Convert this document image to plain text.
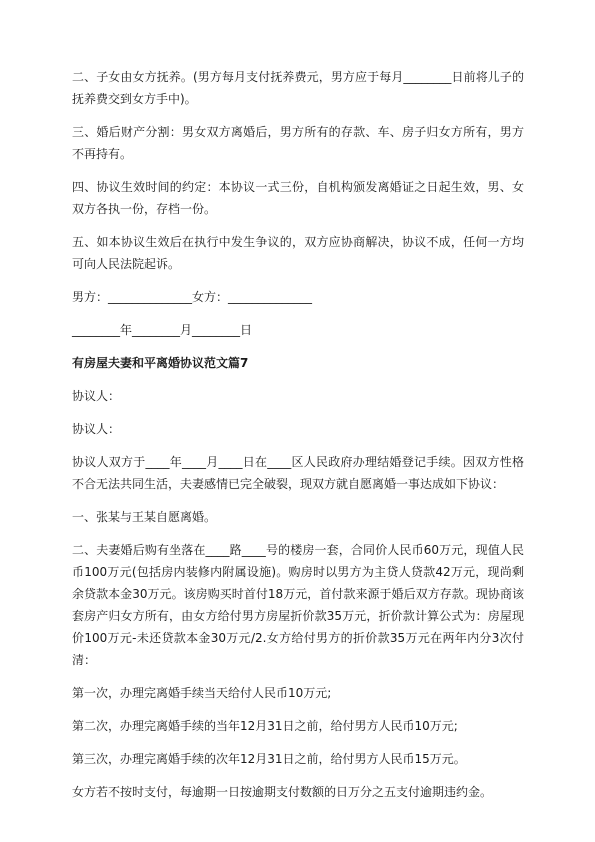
二、子女由女方抚养。(男方每月支付抚养费元，男方应于每月________日前将儿子的抚养费交到女方手中)。

三、婚后财产分割：男女双方离婚后，男方所有的存款、车、房子归女方所有，男方不再持有。

四、协议生效时间的约定：本协议一式三份，自机构颁发离婚证之日起生效，男、女双方各执一份，存档一份。

五、如本协议生效后在执行中发生争议的，双方应协商解决，协议不成，任何一方均可向人民法院起诉。

男方：______________女方：______________

________年________月________日

有房屋夫妻和平离婚协议范文篇7

协议人：

协议人：

协议人双方于____年____月____日在____区人民政府办理结婚登记手续。因双方性格不合无法共同生活，夫妻感情已完全破裂，现双方就自愿离婚一事达成如下协议：

一、张某与王某自愿离婚。

二、夫妻婚后购有坐落在____路____号的楼房一套，合同价人民币60万元，现值人民币100万元(包括房内装修内附属设施)。购房时以男方为主贷人贷款42万元，现尚剩余贷款本金30万元。该房购买时首付18万元，首付款来源于婚后双方存款。现协商该套房产归女方所有，由女方给付男方房屋折价款35万元，折价款计算公式为：房屋现价100万元-未还贷款本金30万元/2.女方给付男方的折价款35万元在两年内分3次付清：

第一次，办理完离婚手续当天给付人民币10万元;

第二次，办理完离婚手续的当年12月31日之前，给付男方人民币10万元;

第三次，办理完离婚手续的次年12月31日之前，给付男方人民币15万元。

女方若不按时支付，每逾期一日按逾期支付数额的日万分之五支付逾期违约金。
